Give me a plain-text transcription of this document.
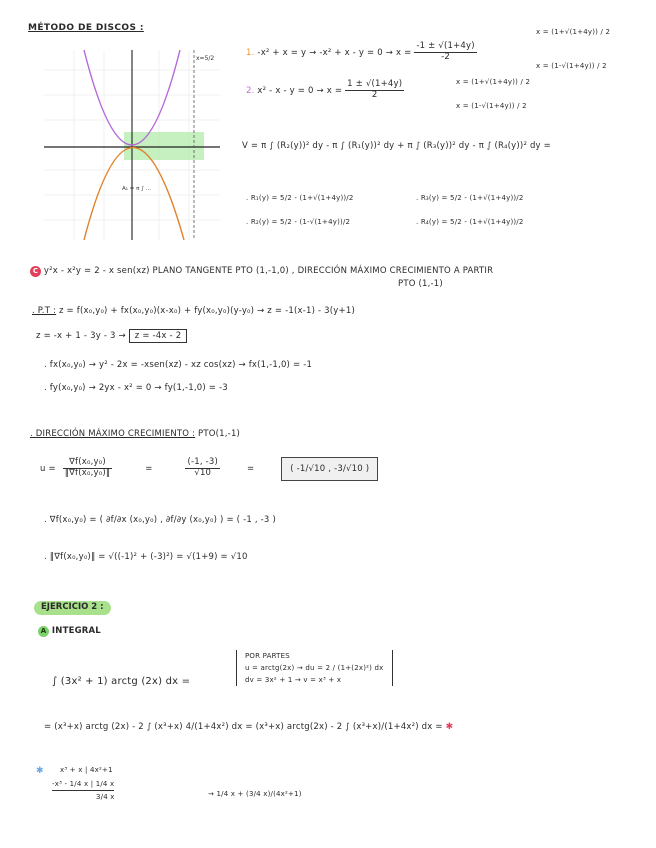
MÉTODO DE DISCOS :
x=5/2
A₁ = π ∫ ...
1. $-x^2 + x = y \to -x^2 + x - y = 0 \to x = \frac{-1 \pm √(1+4y)}{-2}$
x = (1+√(1+4y)) / 2
x = (1-√(1+4y)) / 2
2. $x^2 - x - y = 0 \to x = \frac{1 \pm √(1+4y)}{2}$	x = (1+√(1+4y)) / 2
x = (1-√(1+4y)) / 2
V = π ∫ (R₂(y))² dy - π ∫ (R₁(y))² dy + π ∫ (R₃(y))² dy - π ∫ (R₄(y))² dy =
. R₁(y) = 5/2 - (1+√(1+4y))/2
. R₂(y) = 5/2 - (1-√(1+4y))/2
. R₃(y) = 5/2 - (1+√(1+4y))/2
. R₄(y) = 5/2 - (1+√(1+4y))/2
C y²x - x²y = 2 - x sen(xz) PLANO TANGENTE PTO (1,-1,0) , DIRECCIÓN MÁXIMO CRECIMIENTO A PARTIR
PTO (1,-1)
. P.T : z = f(x₀,y₀) + fx(x₀,y₀)(x-x₀) + fy(x₀,y₀)(y-y₀) → z = -1(x-1) - 3(y+1)
z = -x + 1 - 3y - 3 → z = -4x - 2
. fx(x₀,y₀) → y² - 2x = -xsen(xz) - xz cos(xz) → fx(1,-1,0) = -1
. fy(x₀,y₀) → 2yx - x² = 0 → fy(1,-1,0) = -3
. DIRECCIÓN MÁXIMO CRECIMIENTO : PTO(1,-1)
$u = \frac{\text{∇f(x₀,y₀)}}{\text{‖∇f(x₀,y₀)‖}}$	=	$\frac{(-1, -3)}{√10}$	=	( -1/√10 , -3/√10 )
. ∇f(x₀,y₀) = ( ∂f/∂x (x₀,y₀) , ∂f/∂y (x₀,y₀) ) = ( -1 , -3 )
. ‖∇f(x₀,y₀)‖ = √((-1)² + (-3)²) = √(1+9) = √10
EJERCICIO 2 :
A INTEGRAL
∫ (3x² + 1) arctg (2x) dx =
POR PARTES
u = arctg(2x) → du = 2 / (1+(2x)²) dx
dv = 3x² + 1 → v = x³ + x
= (x³+x) arctg (2x) - 2 ∫ (x³+x) 4/(1+4x²) dx = (x³+x) arctg(2x) - 2 ∫ (x³+x)/(1+4x²) dx = ✱
✱ x³ + x | 4x²+1
-x³ - 1/4 x | 1/4 x
3/4 x	→ 1/4 x + (3/4 x)/(4x²+1)
